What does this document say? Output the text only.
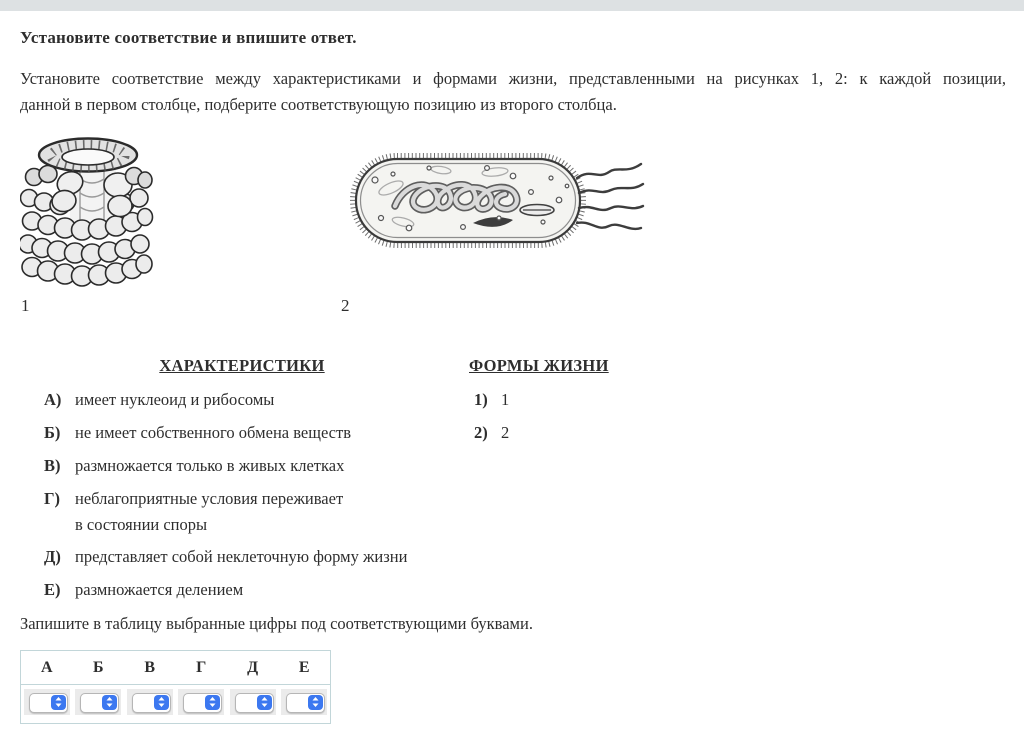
Установите соответствие и впишите ответ.
Установите соответствие между характеристиками и формами жизни, представленными на рисунках 1, 2: к каждой позиции,
данной в первом столбце, подберите соответствующую позицию из второго столбца.
1	2
ХАРАКТЕРИСТИКИ	ФОРМЫ ЖИЗНИ
А) имеет нуклеоид и рибосомы
Б) не имеет собственного обмена веществ
В) размножается только в живых клетках
Г) неблагоприятные условия переживает
в состоянии споры
Д) представляет собой неклеточную форму жизни
Е) размножается делением
1) 1
2) 2
Запишите в таблицу выбранные цифры под соответствующими буквами.
А	Б	В	Г	Д	Е
